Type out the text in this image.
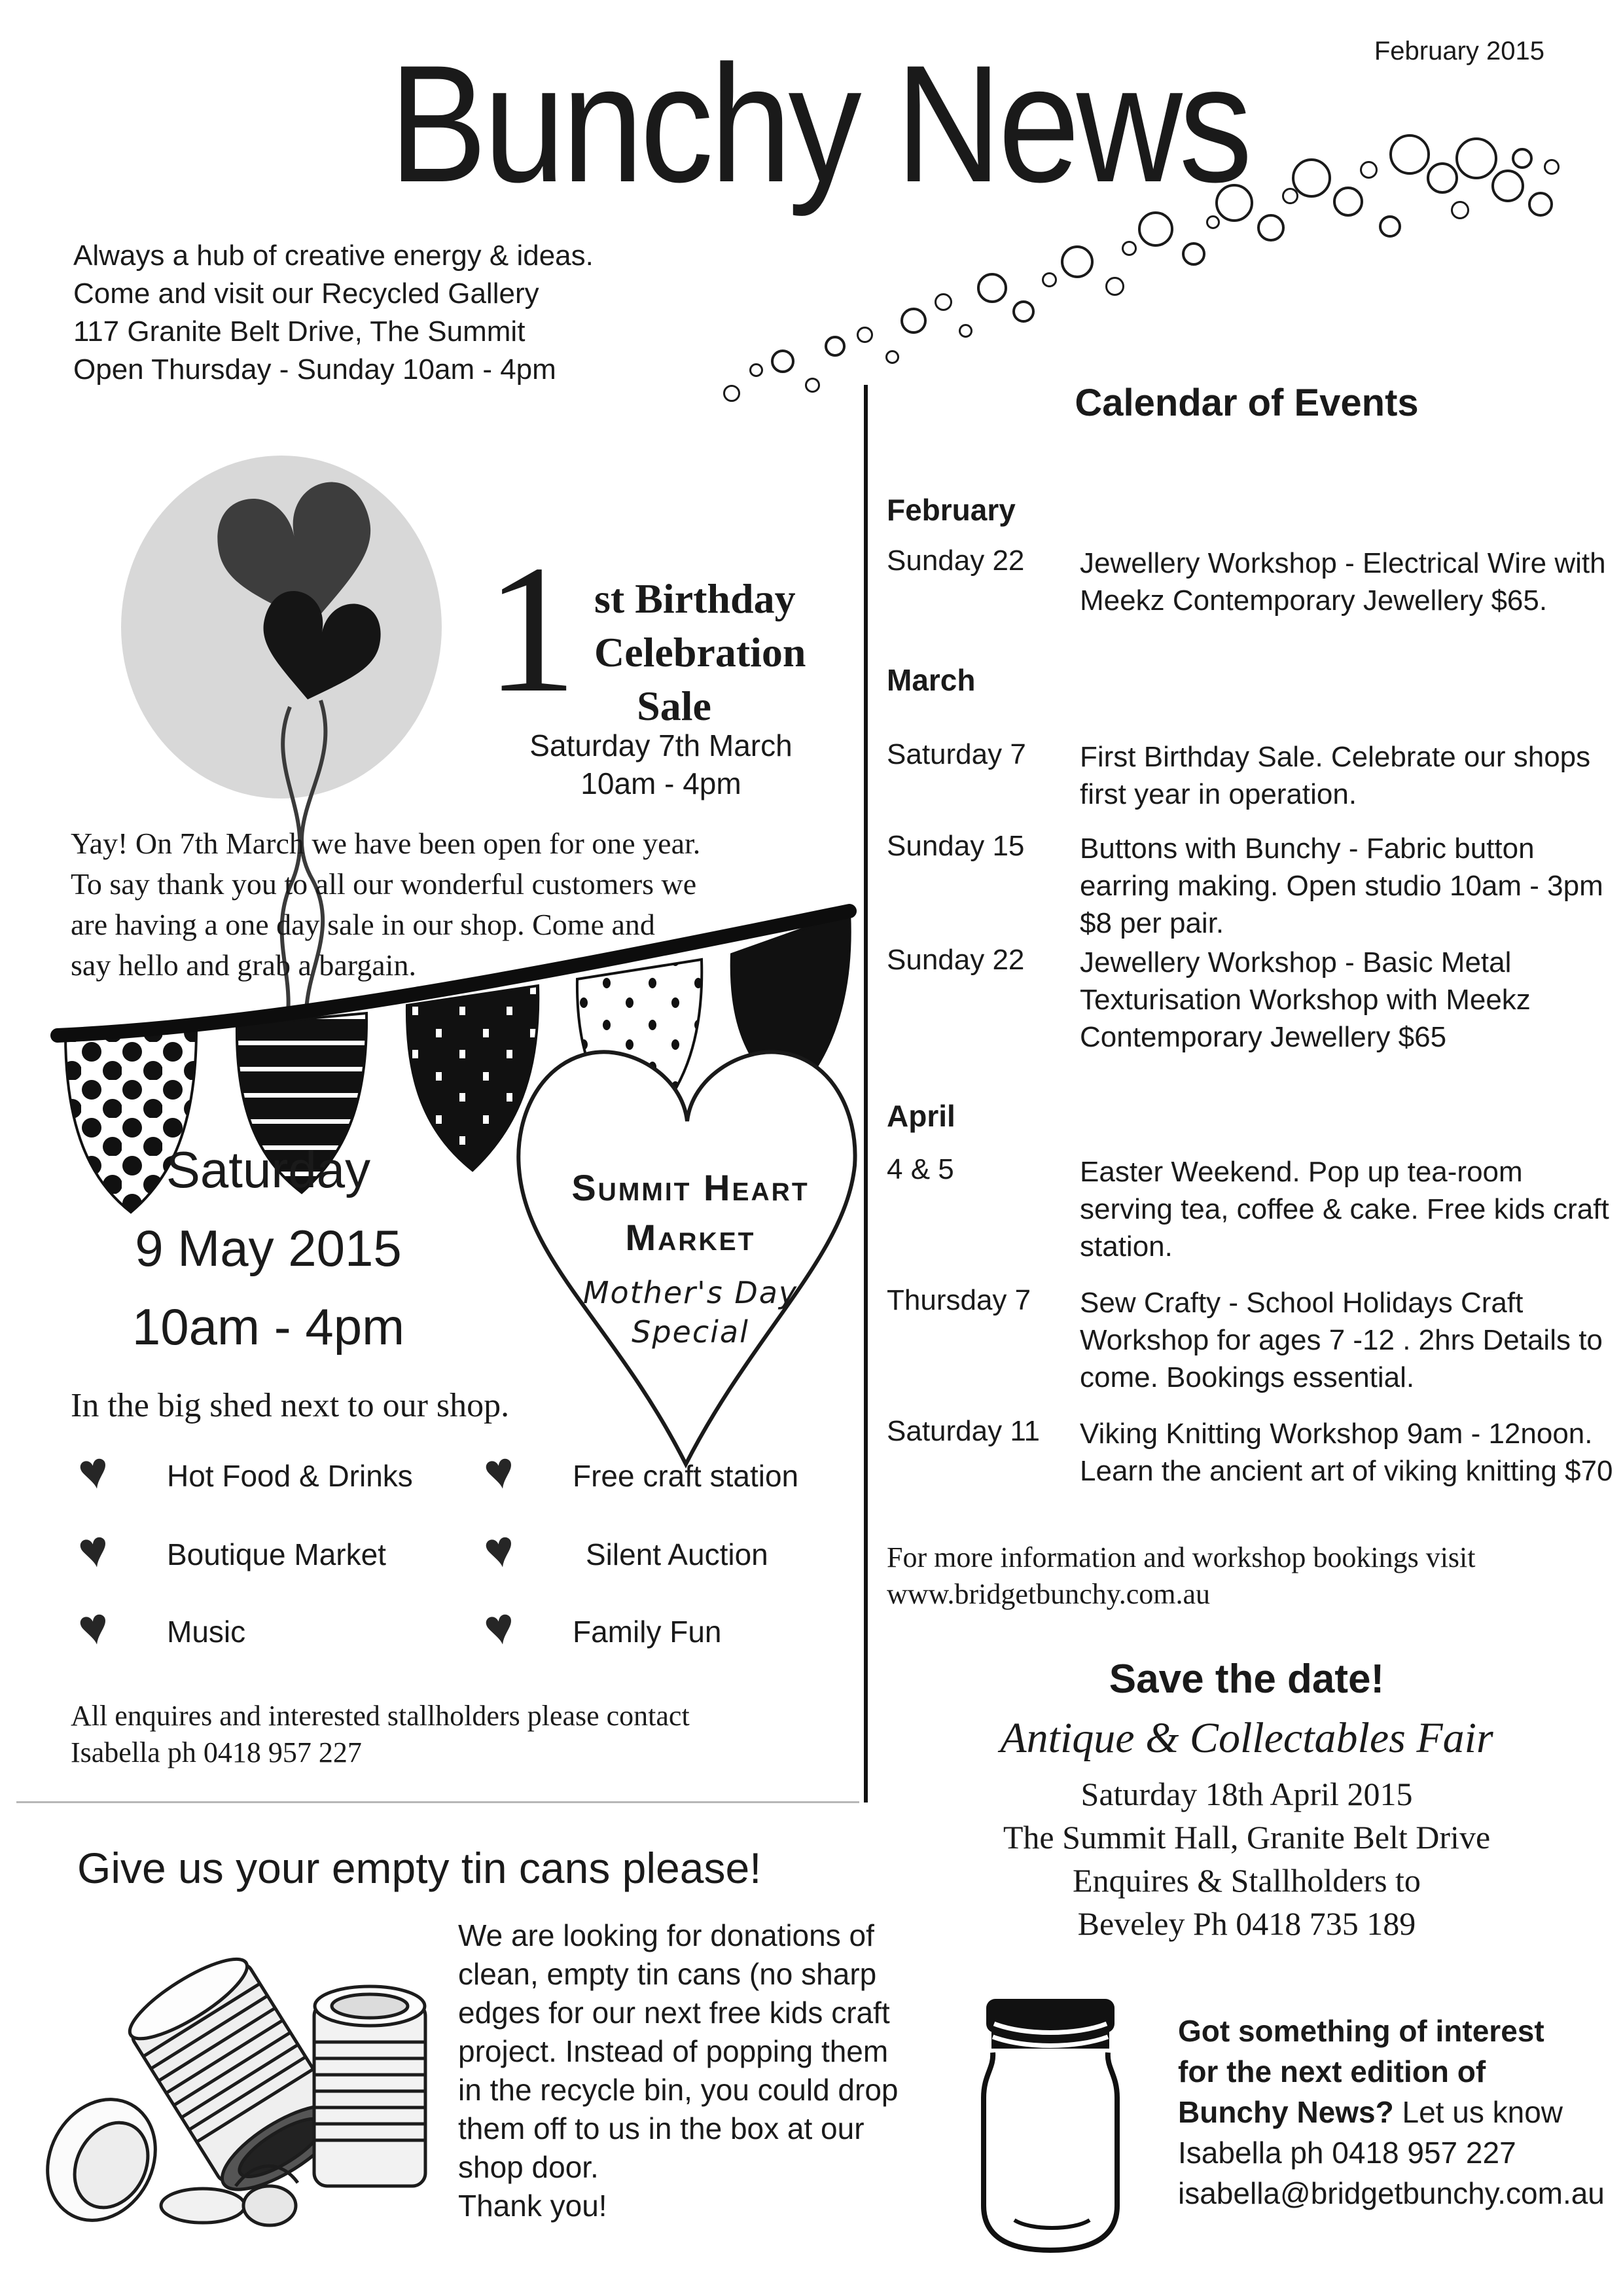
Bunchy News	February 2015
Always a hub of creative energy & ideas.
Come and visit our Recycled Gallery
117 Granite Belt Drive, The Summit
Open Thursday - Sunday 10am - 4pm
Calendar of Events
February
Sunday 22	Jewellery Workshop - Electrical Wire with Meekz Contemporary Jewellery $65.
March
Saturday 7	First Birthday Sale. Celebrate our shops first year in operation.
Sunday 15	Buttons with Bunchy - Fabric button earring making. Open studio 10am - 3pm $8 per pair.
Sunday 22	Jewellery Workshop - Basic Metal Texturisation Workshop with Meekz Contemporary Jewellery $65
April
4 & 5	Easter Weekend. Pop up tea-room serving tea, coffee & cake. Free kids craft station.
Thursday 7	Sew Crafty - School Holidays Craft Workshop for ages 7 -12 . 2hrs Details to come. Bookings essential.
Saturday 11	Viking Knitting Workshop 9am - 12noon. Learn the ancient art of viking knitting $70
For more information and workshop bookings visit
www.bridgetbunchy.com.au
Save the date!
Antique & Collectables Fair
Saturday 18th April 2015
The Summit Hall, Granite Belt Drive
Enquires & Stallholders to
Beveley Ph 0418 735 189
1 st Birthday
Celebration
Sale
Saturday 7th March
10am - 4pm
Yay! On 7th March we have been open for one year.
To say thank you to all our wonderful customers we
are having a one day sale in our shop. Come and
say hello and grab a bargain.
Saturday
9 May 2015
10am - 4pm
Summit Heart
Market
Mother's Day
Special
In the big shed next to our shop.
♥ Hot Food & Drinks
♥ Boutique Market
♥ Music
♥ Free craft station
♥ Silent Auction
♥ Family Fun
All enquires and interested stallholders please contact
Isabella ph 0418 957 227
Give us your empty tin cans please!
We are looking for donations of
clean, empty tin cans (no sharp
edges for our next free kids craft
project. Instead of popping them
in the recycle bin, you could drop
them off to us in the box at our
shop door.
Thank you!
Got something of interest
for the next edition of
Bunchy News? Let us know
Isabella ph 0418 957 227
isabella@bridgetbunchy.com.au
